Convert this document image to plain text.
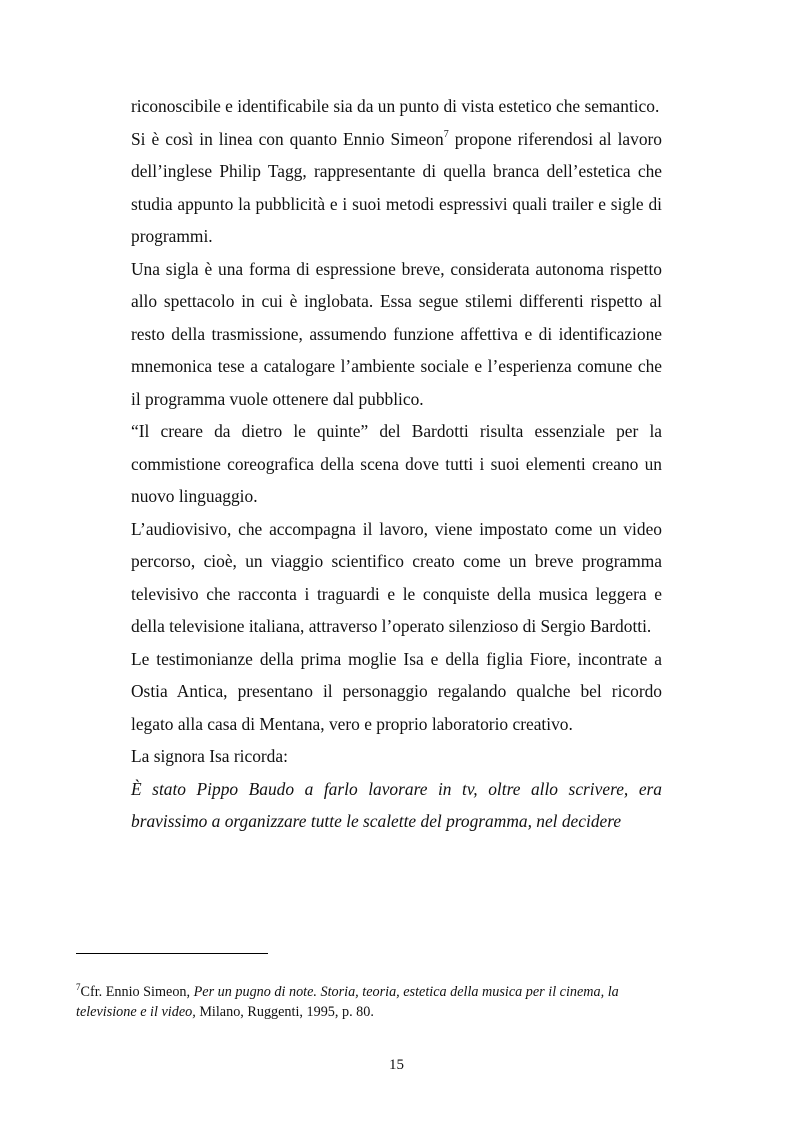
riconoscibile e identificabile sia da un punto di vista estetico che semantico.

Si è così in linea con quanto Ennio Simeon$^7$ propone riferendosi al lavoro dell’inglese Philip Tagg, rappresentante di quella branca dell’estetica che studia appunto la pubblicità e i suoi metodi espressivi quali trailer e sigle di programmi.

Una sigla è una forma di espressione breve, considerata autonoma rispetto allo spettacolo in cui è inglobata. Essa segue stilemi differenti rispetto al resto della trasmissione, assumendo funzione affettiva e di identificazione mnemonica tese a catalogare l’ambiente sociale e l’esperienza comune che il programma vuole ottenere dal pubblico.

“Il creare da dietro le quinte” del Bardotti risulta essenziale per la commistione coreografica della scena dove tutti i suoi elementi creano un nuovo linguaggio.

L’audiovisivo, che accompagna il lavoro, viene impostato come un video percorso, cioè, un viaggio scientifico creato come un breve programma televisivo che racconta i traguardi e le conquiste della musica leggera e della televisione italiana, attraverso l’operato silenzioso di Sergio Bardotti.

Le testimonianze della prima moglie Isa e della figlia Fiore, incontrate a Ostia Antica, presentano il personaggio regalando qualche bel ricordo legato alla casa di Mentana, vero e proprio laboratorio creativo.

La signora Isa ricorda:

È stato Pippo Baudo a farlo lavorare in tv, oltre allo scrivere, era bravissimo a organizzare tutte le scalette del programma, nel decidere

$^7$Cfr. Ennio Simeon, Per un pugno di note. Storia, teoria, estetica della musica per il cinema, la televisione e il video, Milano, Ruggenti, 1995, p. 80.
15
